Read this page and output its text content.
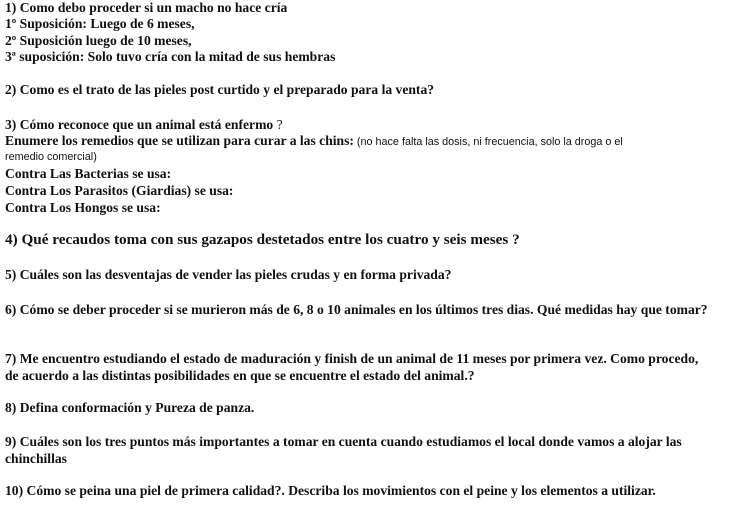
1) Como debo proceder si un macho no hace cría
1º Suposición: Luego de 6 meses,
2º Suposición luego de 10 meses,
3ª suposición: Solo tuvo cría con la mitad de sus hembras
2) Como es el trato de las pieles post curtido y el preparado para la venta?
3) Cómo reconoce que un animal está enfermo ?
Enumere los remedios que se utilizan para curar a las chins: (no hace falta las dosis, ni frecuencia, solo la droga o el
remedio comercial)
Contra Las Bacterias se usa:
Contra Los Parasitos (Giardias) se usa:
Contra Los Hongos se usa:
4) Qué recaudos toma con sus gazapos destetados entre los cuatro y seis meses ?
5) Cuáles son las desventajas de vender las pieles crudas y en forma privada?
6) Cómo se deber proceder si se murieron más de 6, 8 o 10 animales en los últimos tres dias. Qué medidas hay que tomar?
7) Me encuentro estudiando el estado de maduración y finish de un animal de 11 meses por primera vez. Como procedo, de acuerdo a las distintas posibilidades en que se encuentre el estado del animal.?
8) Defina conformación y Pureza de panza.
9) Cuáles son los tres puntos más importantes a tomar en cuenta cuando estudiamos el local donde vamos a alojar las chinchillas
10) Cómo se peina una piel de primera calidad?. Describa los movimientos con el peine y los elementos a utilizar.
